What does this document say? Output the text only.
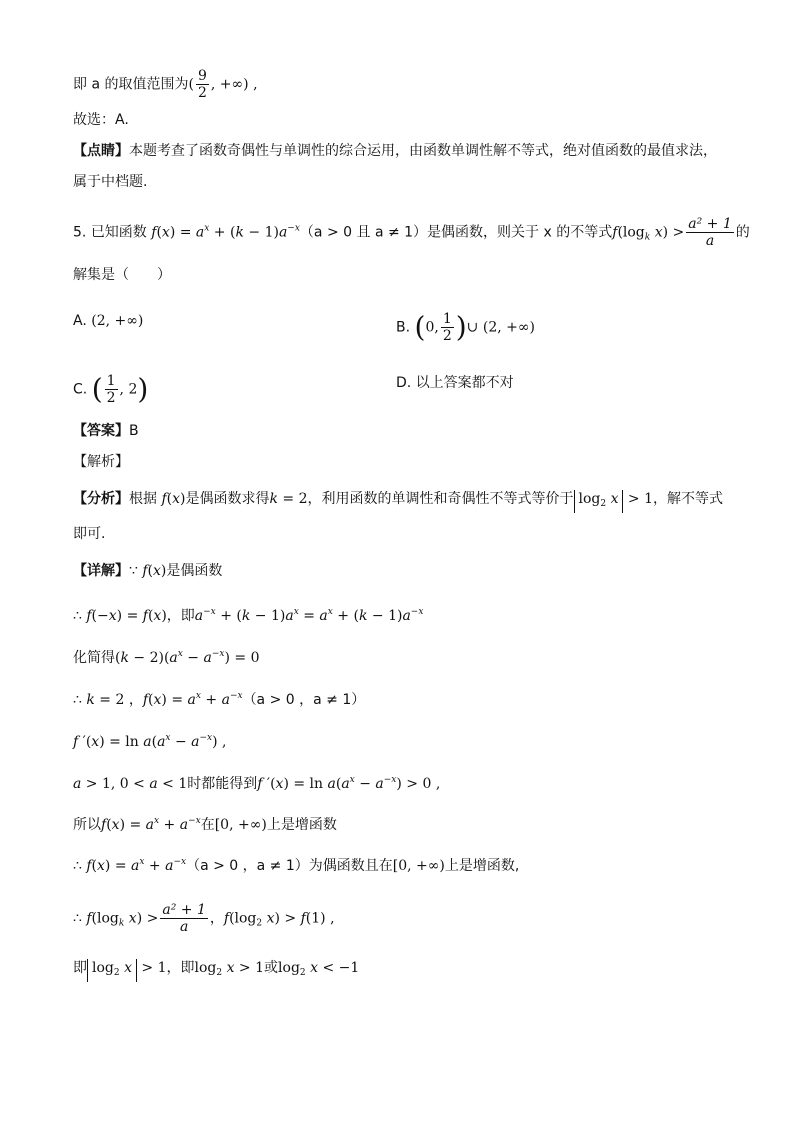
即 a 的取值范围为( $\frac{9}{2}$ , +∞) ,
故选：A.
【点睛】本题考查了函数奇偶性与单调性的综合运用，由函数单调性解不等式，绝对值函数的最值求法，
属于中档题.
5. 已知函数 $f(x) = a^x + (k - 1)a^{-x}(a > 0$ 且 a ≠ 1）是偶函数，则关于 x 的不等式$f(\log_k$ $x) > \frac{\text{a² + 1}}{a}$ 的
解集是（　　）
A. (2, +∞)	B. (0, $\frac{1}{2}$ )∪ (2, +∞)
C. ( $\frac{1}{2}$ , 2)	D. 以上答案都不对
【答案】B
【解析】
【分析】根据 f(x)是偶函数求得k = 2，利用函数的单调性和奇偶性不等式等价于 $\log_2 x > 1$，解不等式
即可.
【详解】∵ f(x)是偶函数
∴ f(−x) = f(x)，即$a^{-x} + (k - 1)a^x = a^x + (k - 1)a^{-x}$
化简得$(k - 2)(a^x - a^{-x}) = 0$
∴ k = 2 ，$f(x) = a^x + a^{-x}(a > 0$ ，a ≠ 1）
f $'(x) = \ln a(a^x - a^{-x})$ ,
a > 1, 0 < a < 1时都能得到f $'(x) = \ln a(a^x - a^{-x}) > 0$ ,
所以$f(x) = a^x + a^{-x}$在[0, +∞)上是增函数
∴ $f(x) = a^x + a^{-x}(a > 0$ ，a ≠ 1）为偶函数且在[0, +∞)上是增函数,
∴ $f(\log_k$ $x) > \frac{\text{a² + 1}}{a}$ ，$f(\log_2$ x) > f(1) ,
即 $\log_2 x > 1$，即$\log_2 x > 1$或$\log_2 x < -1$
